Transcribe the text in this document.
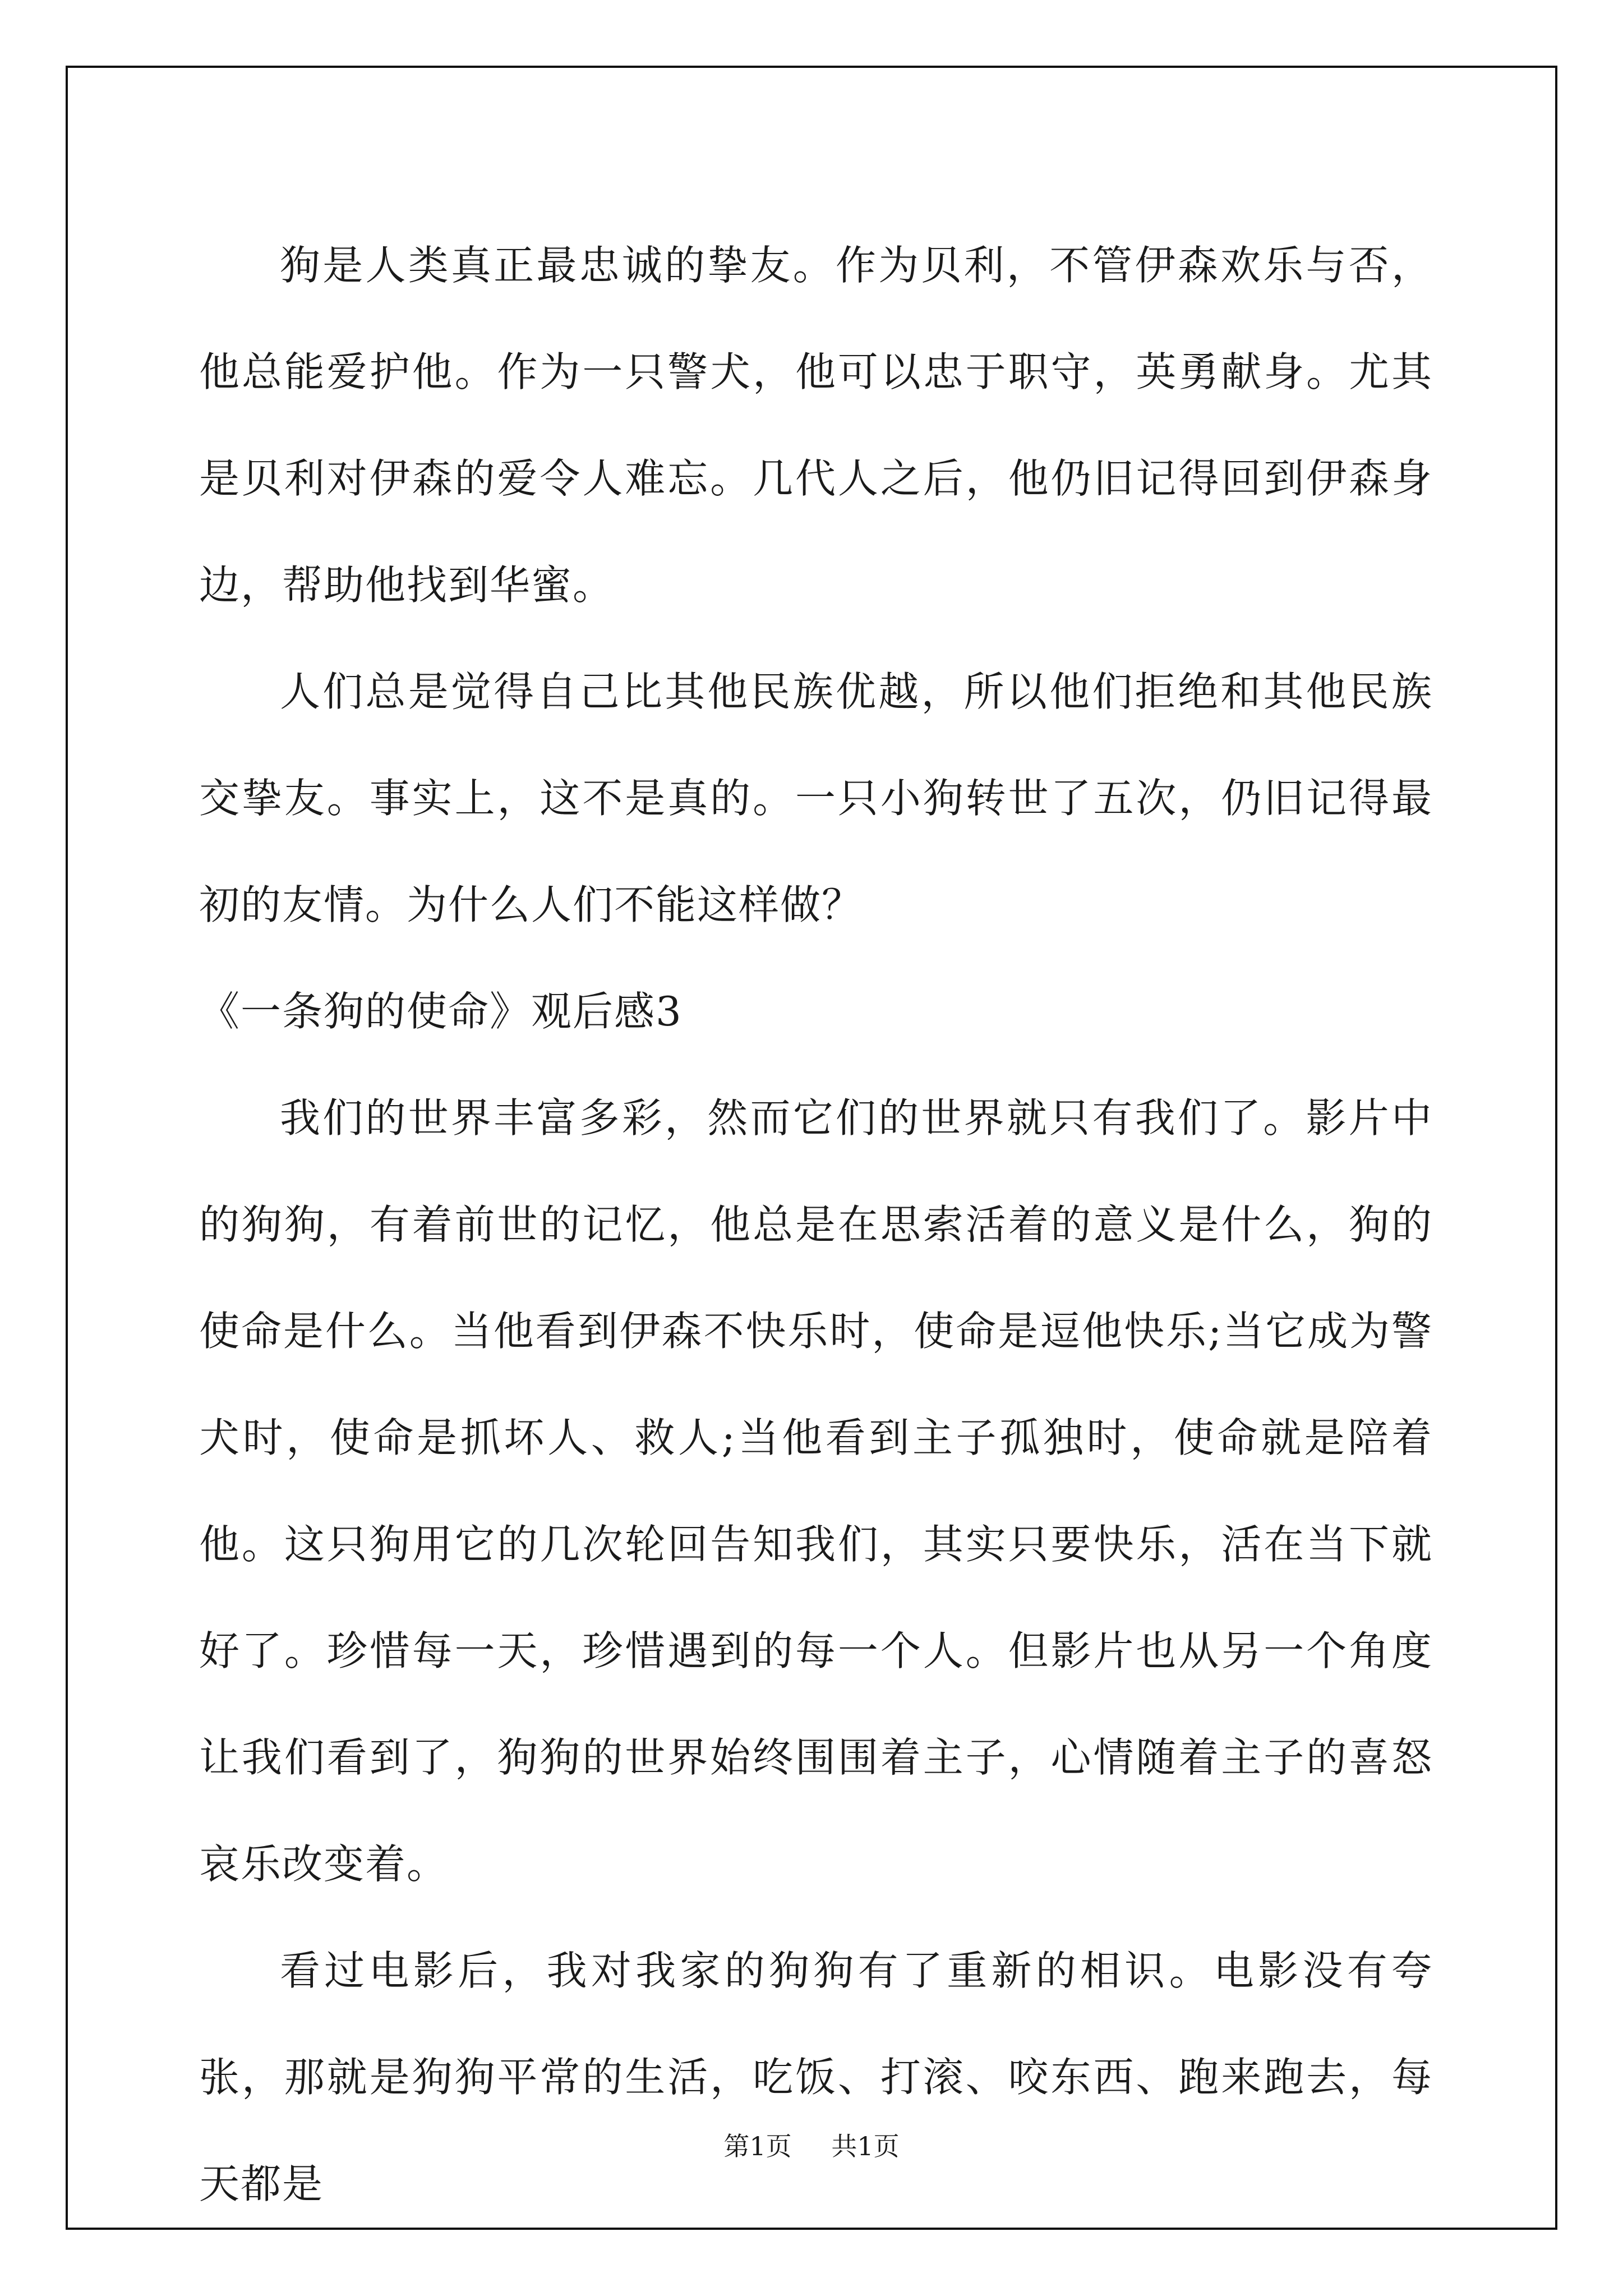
狗是人类真正最忠诚的挚友。作为贝利，不管伊森欢乐与否，他总能爱护他。作为一只警犬，他可以忠于职守，英勇献身。尤其是贝利对伊森的爱令人难忘。几代人之后，他仍旧记得回到伊森身边，帮助他找到华蜜。

人们总是觉得自己比其他民族优越，所以他们拒绝和其他民族交挚友。事实上，这不是真的。一只小狗转世了五次，仍旧记得最初的友情。为什么人们不能这样做？

《一条狗的使命》观后感3

我们的世界丰富多彩，然而它们的世界就只有我们了。影片中的狗狗，有着前世的记忆，他总是在思索活着的意义是什么，狗的使命是什么。当他看到伊森不快乐时，使命是逗他快乐;当它成为警犬时，使命是抓坏人、救人;当他看到主子孤独时，使命就是陪着他。这只狗用它的几次轮回告知我们，其实只要快乐，活在当下就好了。珍惜每一天，珍惜遇到的每一个人。但影片也从另一个角度让我们看到了，狗狗的世界始终围围着主子，心情随着主子的喜怒哀乐改变着。

看过电影后，我对我家的狗狗有了重新的相识。电影没有夸张，那就是狗狗平常的生活，吃饭、打滚、咬东西、跑来跑去，每天都是

第1页 共1页
